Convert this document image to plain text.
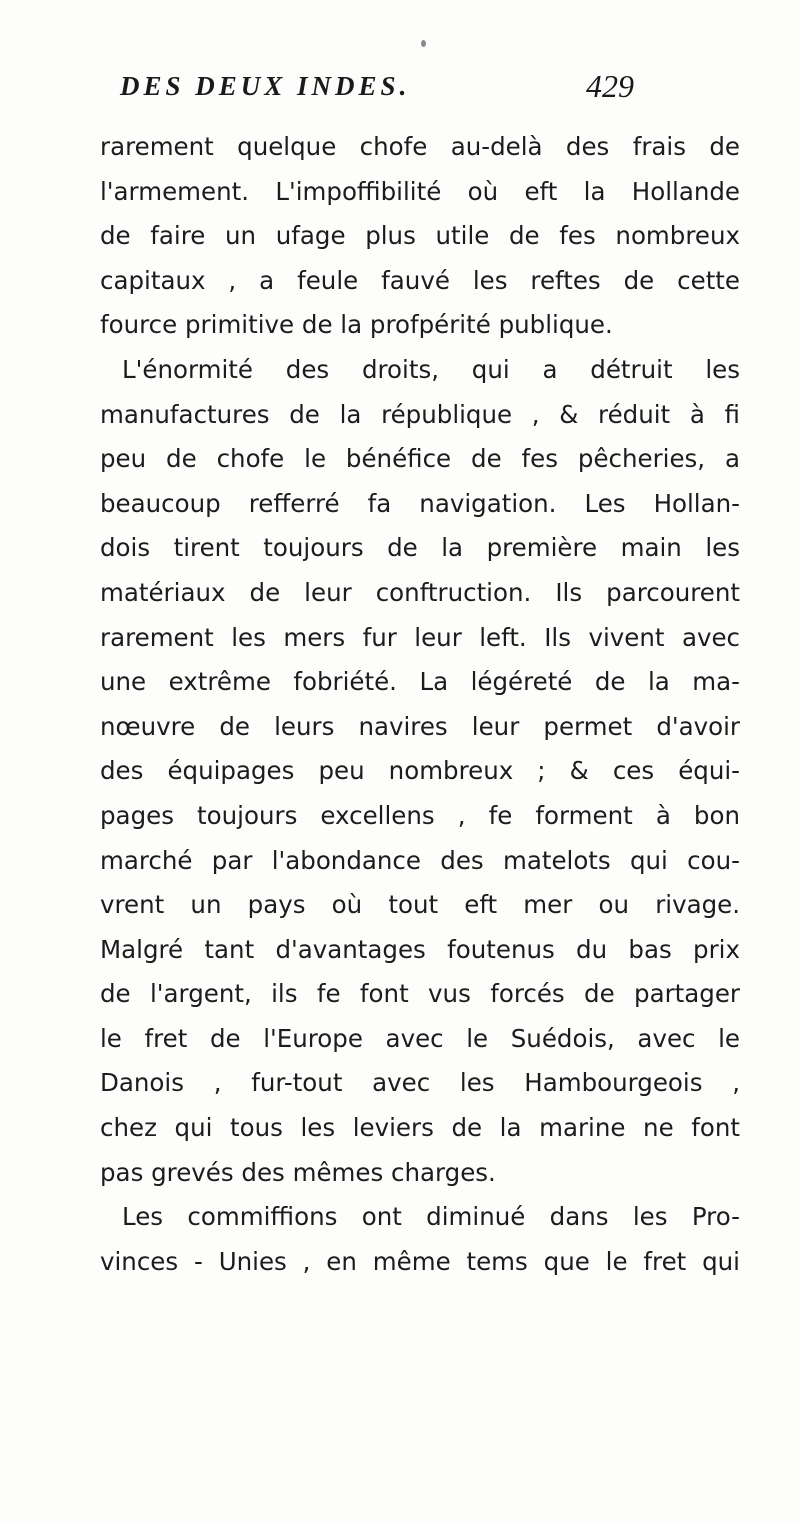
DES DEUX INDES.	429
rarement quelque chofe au-delà des frais de
l'armement. L'impoffibilité où eft la Hollande
de faire un ufage plus utile de fes nombreux
capitaux , a feule fauvé les reftes de cette
fource primitive de la profpérité publique.
L'énormité des droits, qui a détruit les
manufactures de la république , & réduit à fi
peu de chofe le bénéfice de fes pêcheries, a
beaucoup refferré fa navigation. Les Hollan-
dois tirent toujours de la première main les
matériaux de leur conftruction. Ils parcourent
rarement les mers fur leur left. Ils vivent avec
une extrême fobriété. La légéreté de la ma-
nœuvre de leurs navires leur permet d'avoir
des équipages peu nombreux ; & ces équi-
pages toujours excellens , fe forment à bon
marché par l'abondance des matelots qui cou-
vrent un pays où tout eft mer ou rivage.
Malgré tant d'avantages foutenus du bas prix
de l'argent, ils fe font vus forcés de partager
le fret de l'Europe avec le Suédois, avec le
Danois , fur-tout avec les Hambourgeois ,
chez qui tous les leviers de la marine ne font
pas grevés des mêmes charges.
Les commiffions ont diminué dans les Pro-
vinces - Unies , en même tems que le fret qui
